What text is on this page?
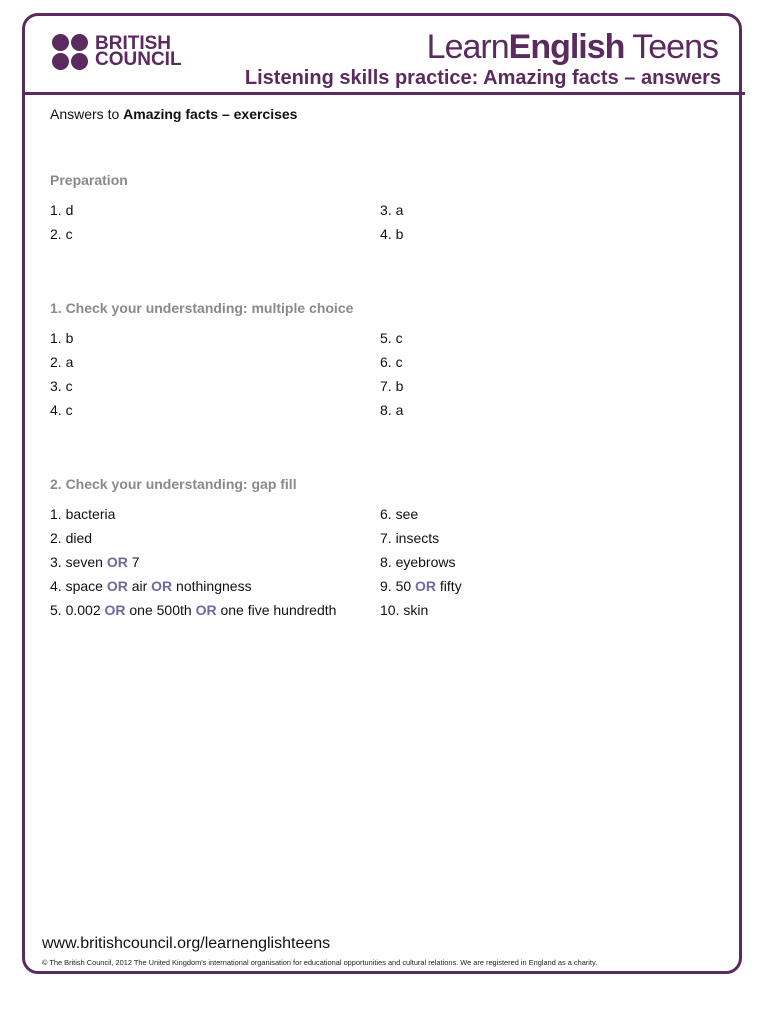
BRITISH
COUNCIL	LearnEnglish Teens
Listening skills practice: Amazing facts – answers
Answers to Amazing facts – exercises
Preparation
1. d
2. c
3. a
4. b
1. Check your understanding: multiple choice
1. b
2. a
3. c
4. c
5. c
6. c
7. b
8. a
2. Check your understanding: gap fill
1. bacteria
2. died
3. seven OR 7
4. space OR air OR nothingness
5. 0.002 OR one 500th OR one five hundredth
6. see
7. insects
8. eyebrows
9. 50 OR fifty
10. skin
www.britishcouncil.org/learnenglishteens
© The British Council, 2012 The United Kingdom's international organisation for educational opportunities and cultural relations. We are registered in England as a charity.
